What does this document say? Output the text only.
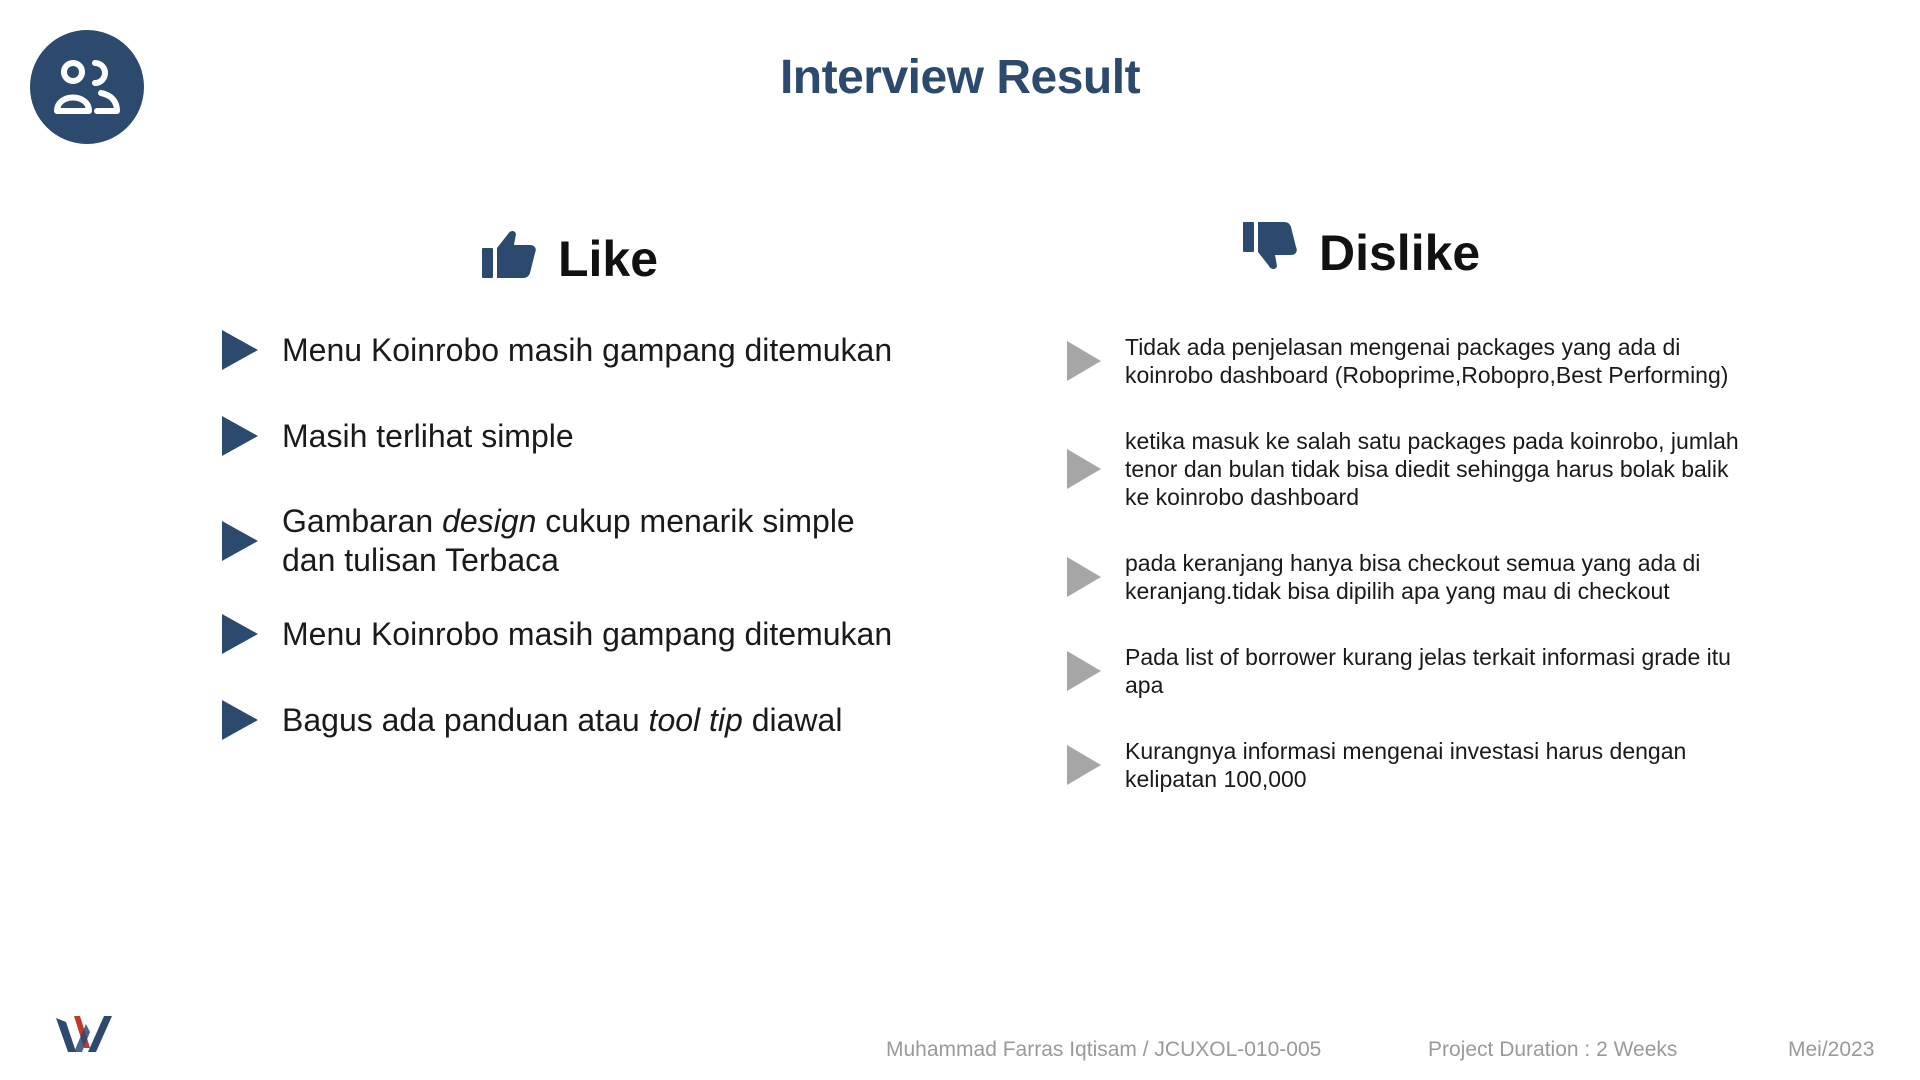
Interview Result
Like	Dislike
Menu Koinrobo masih gampang ditemukan
Masih terlihat simple
Gambaran design cukup menarik simple dan tulisan Terbaca
Menu Koinrobo masih gampang ditemukan
Bagus ada panduan atau tool tip diawal
Tidak ada penjelasan mengenai packages yang ada di koinrobo dashboard (Roboprime,Robopro,Best Performing)
ketika masuk ke salah satu packages pada koinrobo, jumlah tenor dan bulan tidak bisa diedit sehingga harus bolak balik ke koinrobo dashboard
pada keranjang hanya bisa checkout semua yang ada di keranjang.tidak bisa dipilih apa yang mau di checkout
Pada list of borrower kurang jelas terkait informasi grade itu apa
Kurangnya informasi mengenai investasi harus dengan kelipatan 100,000
Muhammad Farras Iqtisam / JCUXOL-010-005	Project Duration : 2 Weeks	Mei/2023
